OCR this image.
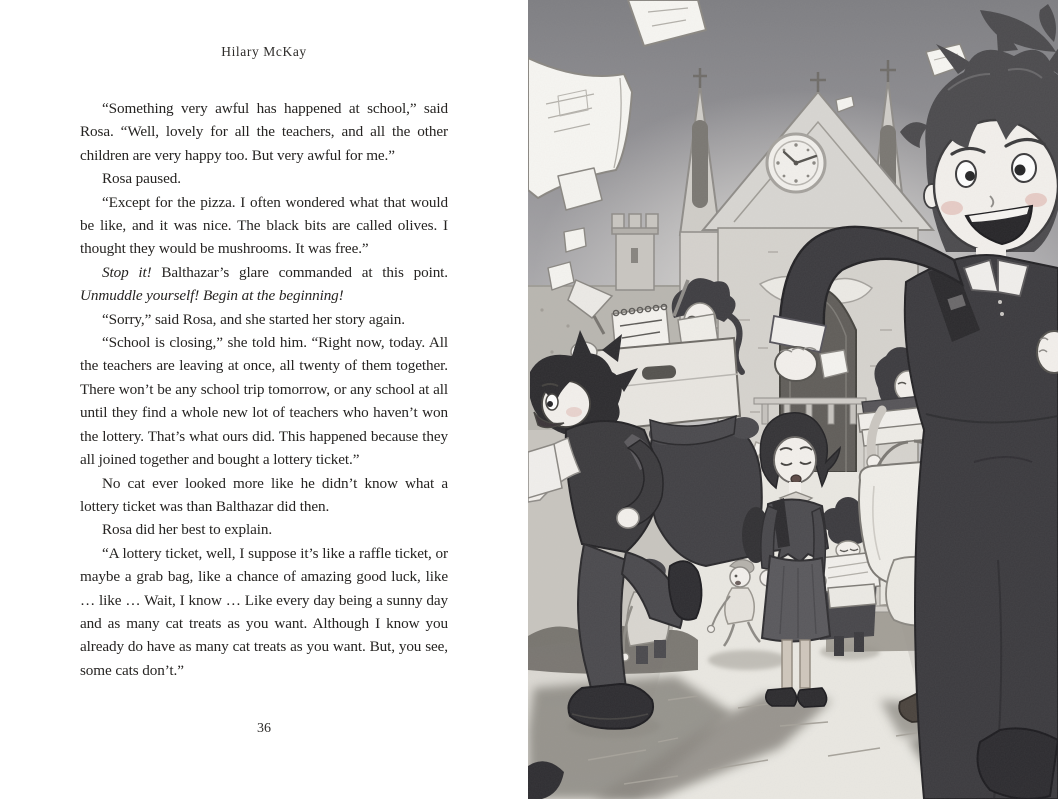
Hilary McKay

“Something very awful has happened at school,” said Rosa. “Well, lovely for all the teachers, and all the other children are very happy too. But very awful for me.”

Rosa paused.

“Except for the pizza. I often wondered what that would be like, and it was nice. The black bits are called olives. I thought they would be mushrooms. It was free.”

Stop it! Balthazar’s glare commanded at this point. Unmuddle yourself! Begin at the beginning!

“Sorry,” said Rosa, and she started her story again.

“School is closing,” she told him. “Right now, today. All the teachers are leaving at once, all twenty of them together. There won’t be any school trip tomorrow, or any school at all until they find a whole new lot of teachers who haven’t won the lottery. That’s what ours did. This happened because they all joined together and bought a lottery ticket.”

No cat ever looked more like he didn’t know what a lottery ticket was than Balthazar did then.

Rosa did her best to explain.

“A lottery ticket, well, I suppose it’s like a raffle ticket, or maybe a grab bag, like a chance of amazing good luck, like … like … Wait, I know … Like every day being a sunny day and as many cat treats as you want. Although I know you already do have as many cat treats as you want. But, you see, some cats don’t.”

36
